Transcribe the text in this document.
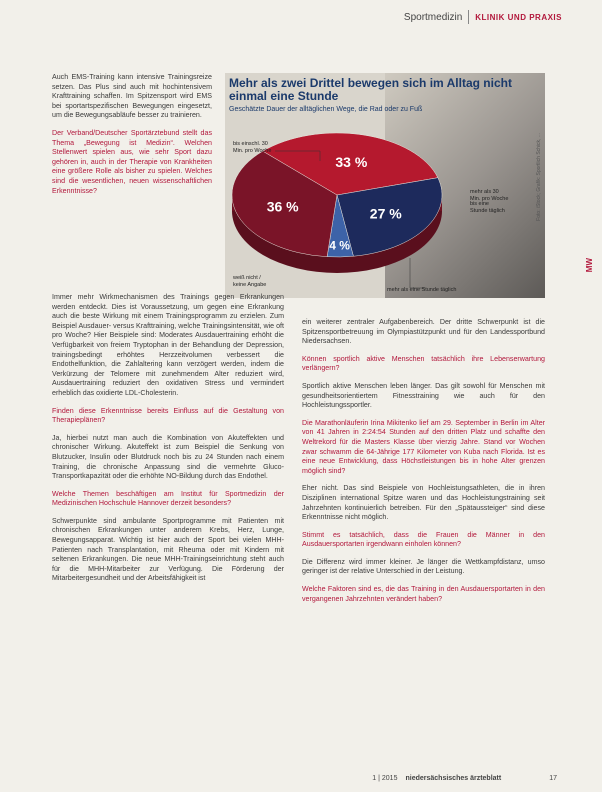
Sportmedizin KLINIK UND PRAXIS
MW

Auch EMS-Training kann intensive Trainingsreize setzen. Das Plus sind auch mit hochintensivem Krafttraining schaffen. Im Spitzensport wird EMS bei sportartspezifischen Bewegungen eingesetzt, um die Bewegungsabläufe besser zu trainieren.

Der Verband/Deutscher Sportärztebund stellt das Thema „Bewegung ist Medizin“. Welchen Stellenwert spielen aus, wie sehr Sport dazu gehören in, auch in der Therapie von Krankheiten eine größere Rolle als bisher zu spielen. Welches sind die wesentlichen, neuen wissenschaftlichen Erkenntnisse?

Mehr als zwei Drittel bewegen sich im Alltag nicht einmal eine Stunde
Geschätzte Dauer der alltäglichen Wege, die Rad oder zu Fuß
Foto: iStock; Grafik: Sportlich Schick, ...
33 %
27 %
4 %
36 %
bis einschl. 30
Min. pro Woche
mehr als 30
Min. pro Woche
weiß nicht /
keine Angabe
bis eine
Stunde täglich
mehr als eine Stunde täglich

Immer mehr Wirkmechanismen des Trainings gegen Erkrankungen werden entdeckt. Dies ist Voraussetzung, um gegen eine Erkrankung auch die beste Wirkung mit einem Trainingsprogramm zu erzielen. Zum Beispiel Ausdauer- versus Krafttraining, welche Trainingsintensität, wie oft pro Woche? Hier Beispiele sind: Moderates Ausdauertraining erhöht die Verfügbarkeit von freiem Tryptophan in der Behandlung der Depression, trainingsbedingt erhöhtes Herzzeitvolumen verbessert die Endothelfunktion, die Zahlaltering kann verzögert werden, indem die Verkürzung der Telomere mit zunehmendem Alter reduziert wird, Ausdauertraining reduziert den oxidativen Stress und vermindert erheblich das oxidierte LDL-Cholesterin.

Finden diese Erkenntnisse bereits Einfluss auf die Gestaltung von Therapieplänen?

Ja, hierbei nutzt man auch die Kombination von Akuteffekten und chronischer Wirkung. Akuteffekt ist zum Beispiel die Senkung von Blutzucker, Insulin oder Blutdruck noch bis zu 24 Stunden nach einem Training, die chronische Anpassung sind die vermehrte Gluco-Transportkapazität oder die erhöhte NO-Bildung durch das Endothel.

Welche Themen beschäftigen am Institut für Sportmedizin der Medizinischen Hochschule Hannover derzeit besonders?

Schwerpunkte sind ambulante Sportprogramme mit Patienten mit chronischen Erkrankungen unter anderem Krebs, Herz, Lunge, Bewegungsapparat. Wichtig ist hier auch der Sport bei vielen MHH-Patienten nach Transplantation, mit Rheuma oder mit Kindern mit seltenen Erkrankungen. Die neue MHH-Trainingseinrichtung steht auch für die MHH-Mitarbeiter zur Verfügung. Die Förderung der Mitarbeitergesundheit und der Arbeitsfähigkeit ist

ein weiterer zentraler Aufgabenbereich. Der dritte Schwerpunkt ist die Spitzensportbetreuung im Olympiastützpunkt und für den Landessportbund Niedersachsen.

Können sportlich aktive Menschen tatsächlich ihre Lebenserwartung verlängern?

Sportlich aktive Menschen leben länger. Das gilt sowohl für Menschen mit gesundheitsorientiertem Fitnesstraining wie auch für den Hochleistungssportler.

Die Marathonläuferin Irina Mikitenko lief am 29. September in Berlin im Alter von 41 Jahren in 2:24:54 Stunden auf den dritten Platz und schaffte den Weltrekord für die Masters Klasse über vierzig Jahre. Stand vor Wochen zwar schwamm die 64-Jährige 177 Kilometer von Kuba nach Florida. Ist es eine neue Entwicklung, dass Höchstleistungen bis in hohe Alter grenzen möglich sind?

Eher nicht. Das sind Beispiele von Hochleistungsathleten, die in ihren Disziplinen international Spitze waren und das Hochleistungstraining seit Jahrzehnten kontinuierlich betreiben. Für den „Spätaussteiger“ sind diese Erkenntnisse nicht möglich.

Stimmt es tatsächlich, dass die Frauen die Männer in den Ausdauersportarten irgendwann einholen können?

Die Differenz wird immer kleiner. Je länger die Wettkampfdistanz, umso geringer ist der relative Unterschied in der Leistung.

Welche Faktoren sind es, die das Training in den Ausdauersportarten in den vergangenen Jahrzehnten verändert haben?

1 | 2015 niedersächsisches ärzteblatt	17
